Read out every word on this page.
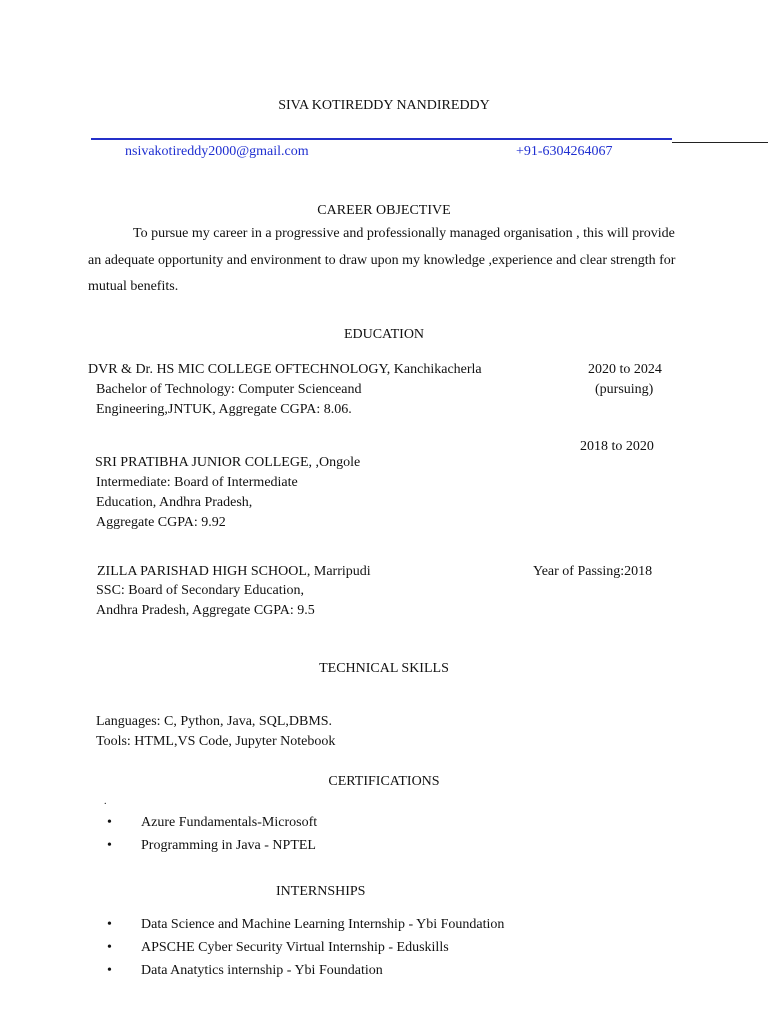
SIVA KOTIREDDY NANDIREDDY
nsivakotireddy2000@gmail.com	+91-6304264067
CAREER OBJECTIVE
To pursue my career in a progressive and professionally managed organisation , this will provide an adequate opportunity and environment to draw upon my knowledge ,experience and clear strength for mutual benefits.
EDUCATION
DVR & Dr. HS MIC COLLEGE OFTECHNOLOGY, Kanchikacherla
Bachelor of Technology: Computer Scienceand
Engineering,JNTUK, Aggregate CGPA: 8.06.
2020 to 2024
(pursuing)
2018 to 2020
SRI PRATIBHA JUNIOR COLLEGE, ,Ongole
Intermediate: Board of Intermediate
Education, Andhra Pradesh,
Aggregate CGPA: 9.92
ZILLA PARISHAD HIGH SCHOOL, Marripudi	Year of Passing:2018
SSC: Board of Secondary Education,
Andhra Pradesh, Aggregate CGPA: 9.5
TECHNICAL SKILLS
Languages: C, Python, Java, SQL,DBMS.
Tools: HTML,VS Code, Jupyter Notebook
CERTIFICATIONS
.
• Azure Fundamentals-Microsoft
• Programming in Java - NPTEL
INTERNSHIPS
• Data Science and Machine Learning Internship - Ybi Foundation
• APSCHE Cyber Security Virtual Internship - Eduskills
• Data Anatytics internship - Ybi Foundation
